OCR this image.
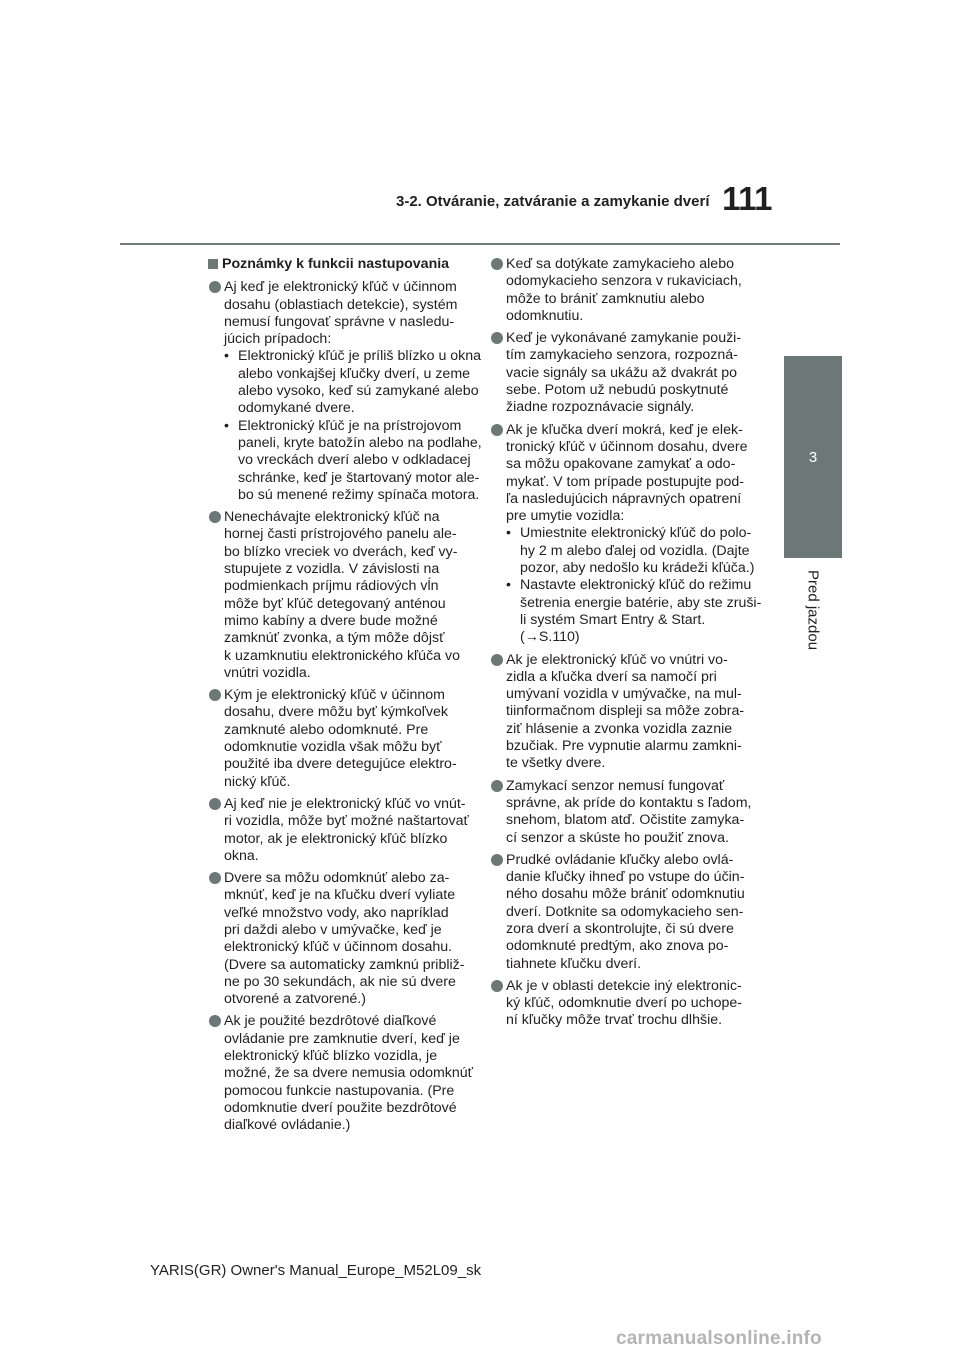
3-2. Otváranie, zatváranie a zamykanie dverí 111
3
Pred jazdou
Poznámky k funkcii nastupovania
Aj keď je elektronický kľúč v účinnom
dosahu (oblastiach detekcie), systém
nemusí fungovať správne v nasledu-
júcich prípadoch:
• Elektronický kľúč je príliš blízko u okna
alebo vonkajšej kľučky dverí, u zeme
alebo vysoko, keď sú zamykané alebo
odomykané dvere.
• Elektronický kľúč je na prístrojovom
paneli, kryte batožín alebo na podlahe,
vo vreckách dverí alebo v odkladacej
schránke, keď je štartovaný motor ale-
bo sú menené režimy spínača motora.
Nenechávajte elektronický kľúč na
hornej časti prístrojového panelu ale-
bo blízko vreciek vo dverách, keď vy-
stupujete z vozidla. V závislosti na
podmienkach príjmu rádiových vĺn
môže byť kľúč detegovaný anténou
mimo kabíny a dvere bude možné
zamknúť zvonka, a tým môže dôjsť
k uzamknutiu elektronického kľúča vo
vnútri vozidla.
Kým je elektronický kľúč v účinnom
dosahu, dvere môžu byť kýmkoľvek
zamknuté alebo odomknuté. Pre
odomknutie vozidla však môžu byť
použité iba dvere detegujúce elektro-
nický kľúč.
Aj keď nie je elektronický kľúč vo vnút-
ri vozidla, môže byť možné naštartovať
motor, ak je elektronický kľúč blízko
okna.
Dvere sa môžu odomknúť alebo za-
mknúť, keď je na kľučku dverí vyliate
veľké množstvo vody, ako napríklad
pri daždi alebo v umývačke, keď je
elektronický kľúč v účinnom dosahu.
(Dvere sa automaticky zamknú približ-
ne po 30 sekundách, ak nie sú dvere
otvorené a zatvorené.)
Ak je použité bezdrôtové diaľkové
ovládanie pre zamknutie dverí, keď je
elektronický kľúč blízko vozidla, je
možné, že sa dvere nemusia odomknúť
pomocou funkcie nastupovania. (Pre
odomknutie dverí použite bezdrôtové
diaľkové ovládanie.)
Keď sa dotýkate zamykacieho alebo
odomykacieho senzora v rukaviciach,
môže to brániť zamknutiu alebo
odomknutiu.
Keď je vykonávané zamykanie použi-
tím zamykacieho senzora, rozpozná-
vacie signály sa ukážu až dvakrát po
sebe. Potom už nebudú poskytnuté
žiadne rozpoznávacie signály.
Ak je kľučka dverí mokrá, keď je elek-
tronický kľúč v účinnom dosahu, dvere
sa môžu opakovane zamykať a odo-
mykať. V tom prípade postupujte pod-
ľa nasledujúcich nápravných opatrení
pre umytie vozidla:
• Umiestnite elektronický kľúč do polo-
hy 2 m alebo ďalej od vozidla. (Dajte
pozor, aby nedošlo ku krádeži kľúča.)
• Nastavte elektronický kľúč do režimu
šetrenia energie batérie, aby ste zruši-
li systém Smart Entry & Start.
(→S.110)
Ak je elektronický kľúč vo vnútri vo-
zidla a kľučka dverí sa namočí pri
umývaní vozidla v umývačke, na mul-
tiinformačnom displeji sa môže zobra-
ziť hlásenie a zvonka vozidla zaznie
bzučiak. Pre vypnutie alarmu zamkni-
te všetky dvere.
Zamykací senzor nemusí fungovať
správne, ak príde do kontaktu s ľadom,
snehom, blatom atď. Očistite zamyka-
cí senzor a skúste ho použiť znova.
Prudké ovládanie kľučky alebo ovlá-
danie kľučky ihneď po vstupe do účin-
ného dosahu môže brániť odomknutiu
dverí. Dotknite sa odomykacieho sen-
zora dverí a skontrolujte, či sú dvere
odomknuté predtým, ako znova po-
tiahnete kľučku dverí.
Ak je v oblasti detekcie iný elektronic-
ký kľúč, odomknutie dverí po uchope-
ní kľučky môže trvať trochu dlhšie.
YARIS(GR) Owner's Manual_Europe_M52L09_sk
carmanualsonline.info
